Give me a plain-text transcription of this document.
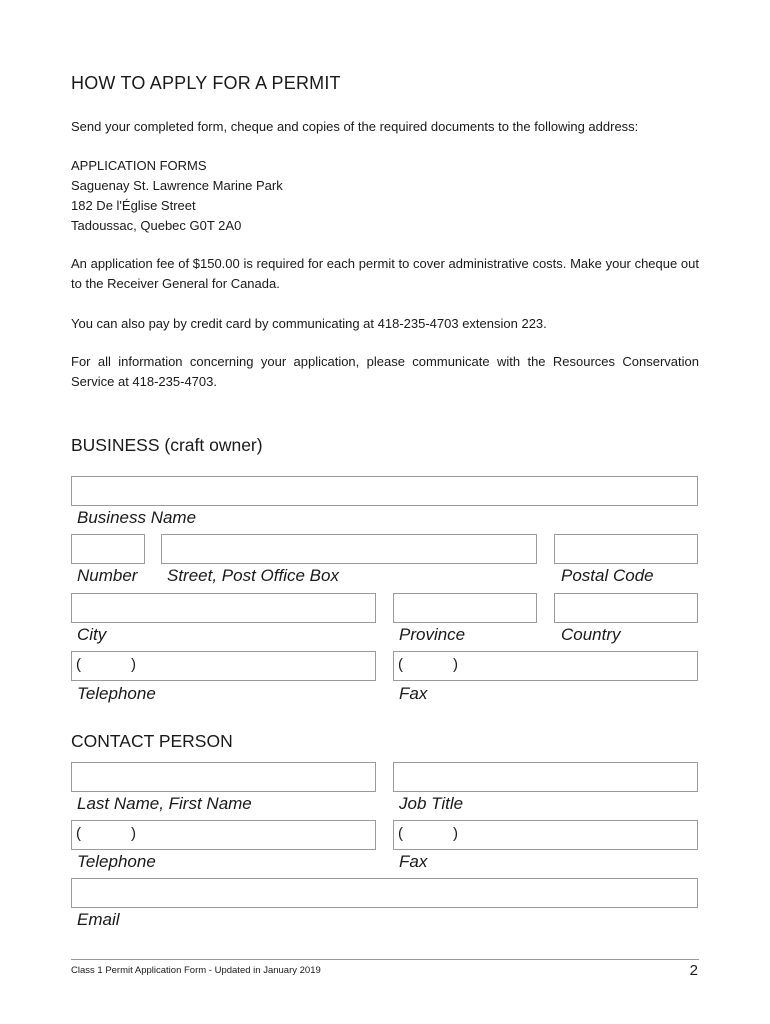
HOW TO APPLY FOR A PERMIT

Send your completed form, cheque and copies of the required documents to the following address:

APPLICATION FORMS
Saguenay St. Lawrence Marine Park
182 De l'Église Street
Tadoussac, Quebec G0T 2A0

An application fee of $150.00 is required for each permit to cover administrative costs. Make your cheque out to the Receiver General for Canada.

You can also pay by credit card by communicating at 418-235-4703 extension 223.

For all information concerning your application, please communicate with the Resources Conservation Service at 418-235-4703.

BUSINESS (craft owner)
Business Name
Number Street, Post Office Box	Postal Code
City	Province	Country
(	)	(	)
Telephone	Fax
CONTACT PERSON
Last Name, First Name	Job Title
(	)	(	)
Telephone	Fax
Email
Class 1 Permit Application Form - Updated in January 2019	2
